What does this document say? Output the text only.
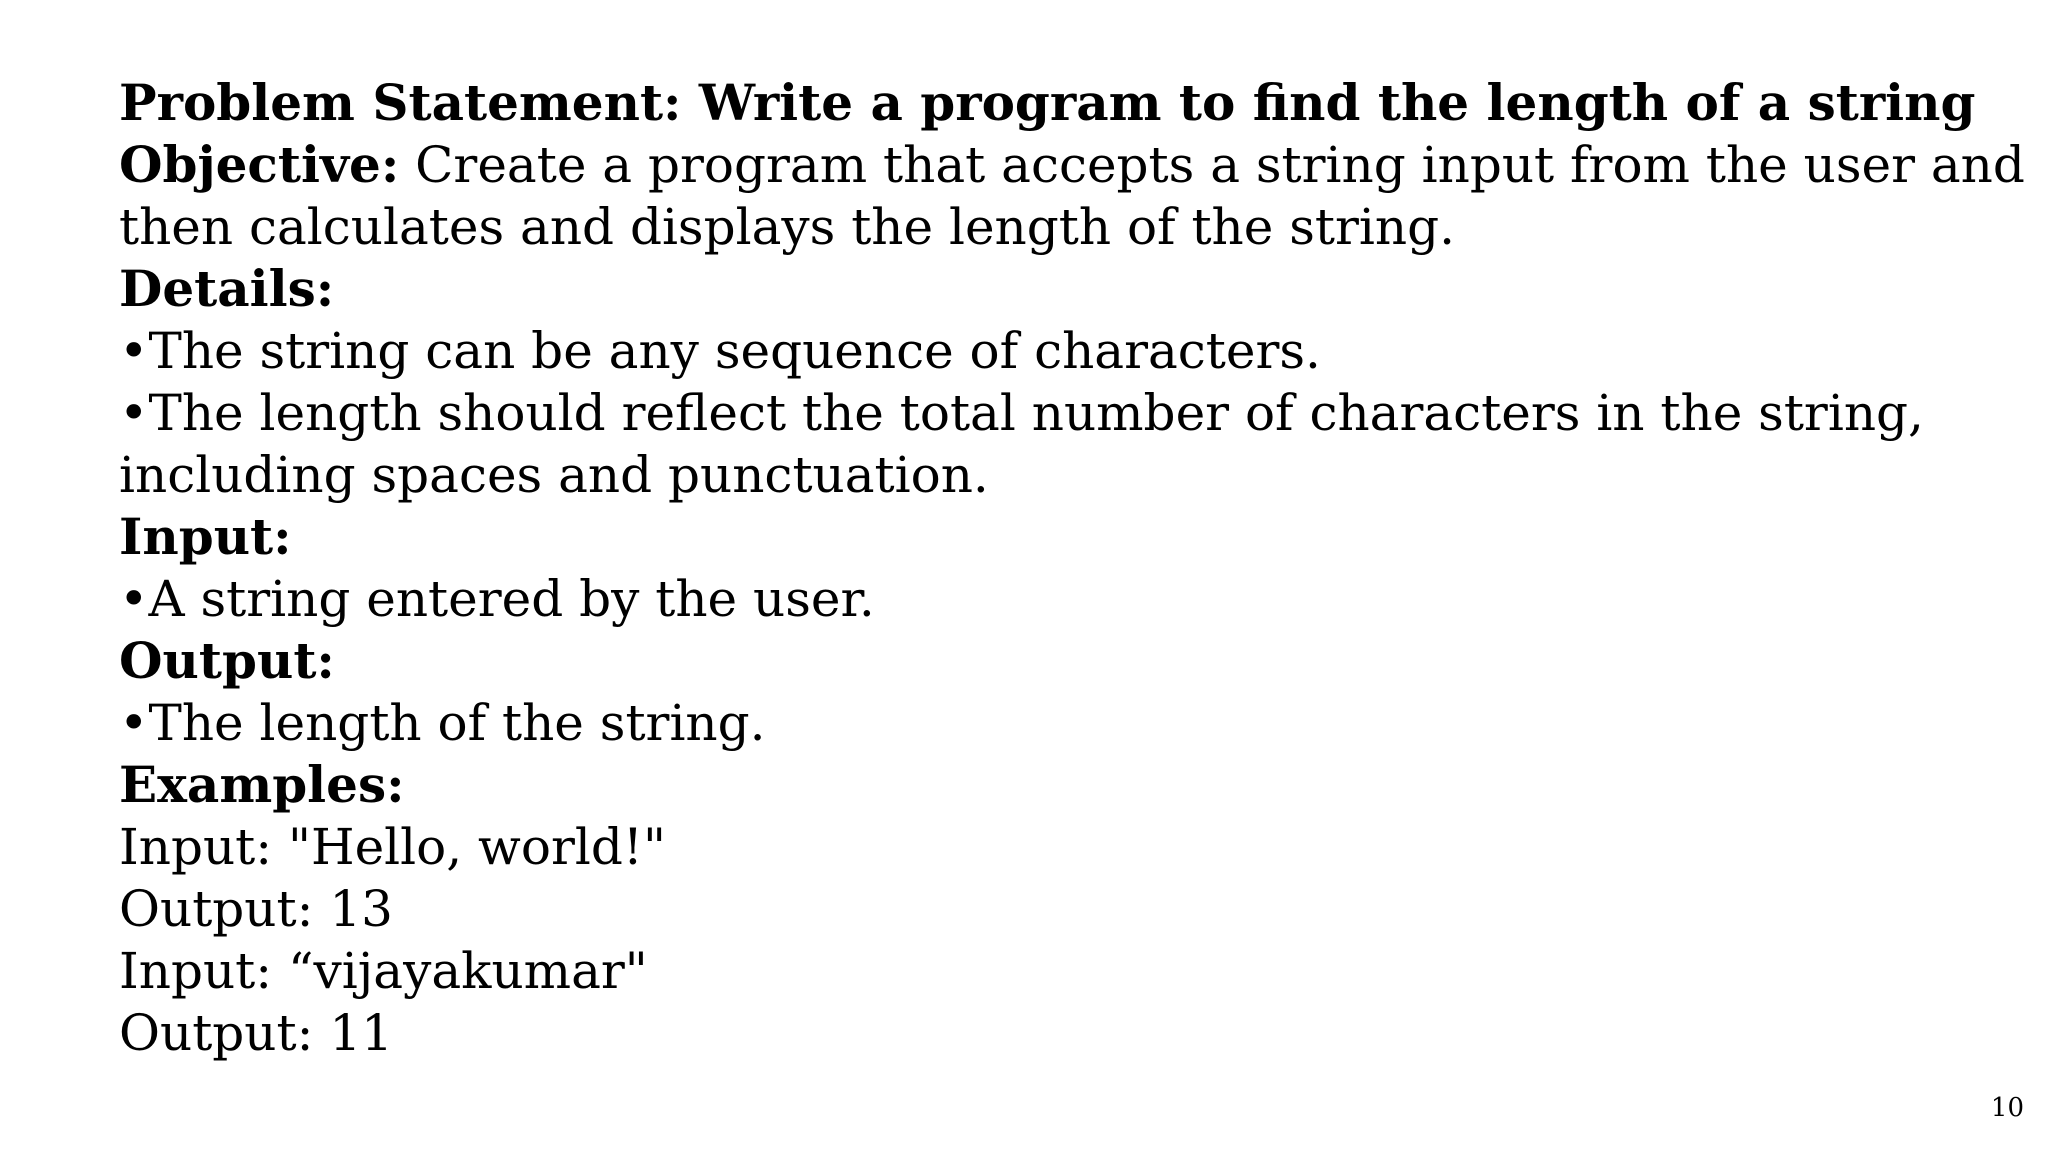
Problem Statement: Write a program to find the length of a string
Objective: Create a program that accepts a string input from the user and
then calculates and displays the length of the string.
Details:
•The string can be any sequence of characters.
•The length should reflect the total number of characters in the string,
including spaces and punctuation.
Input:
•A string entered by the user.
Output:
•The length of the string.
Examples:
Input: "Hello, world!"
Output: 13
Input: “vijayakumar"
Output: 11
10
